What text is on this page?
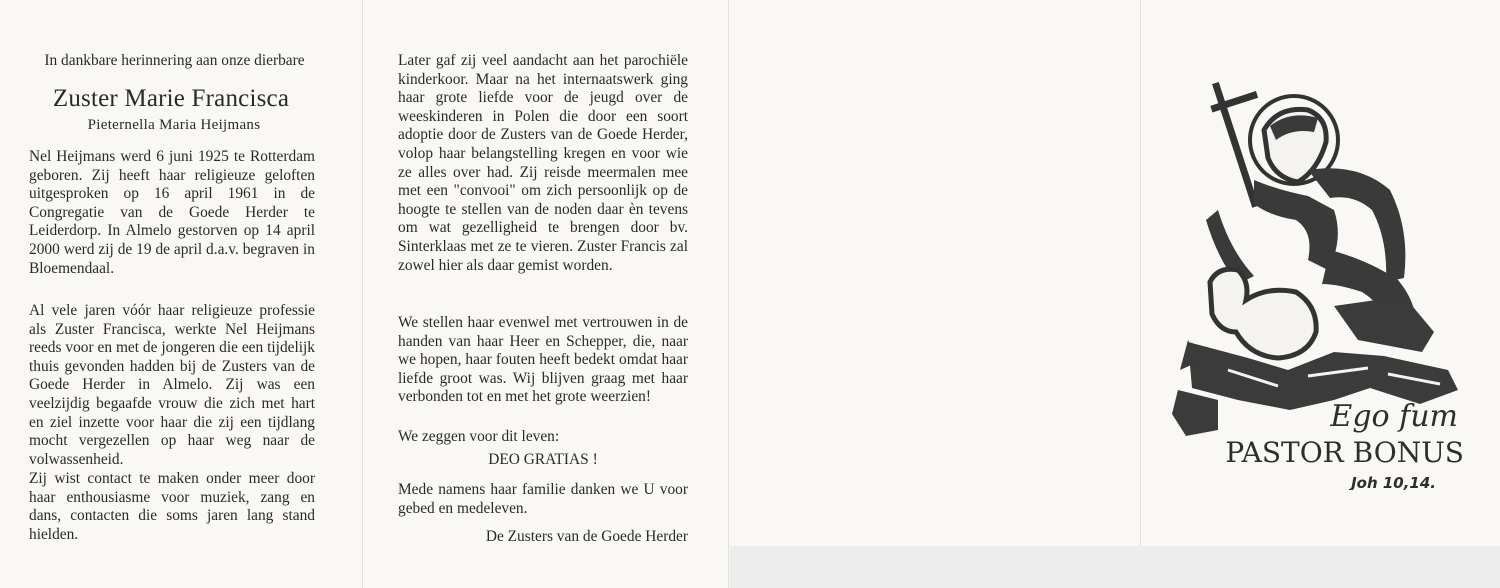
In dankbare herinnering aan onze dierbare
Zuster Marie Francisca
Pieternella Maria Heijmans

Nel Heijmans werd 6 juni 1925 te Rotterdam geboren. Zij heeft haar religieuze geloften uitgesproken op 16 april 1961 in de Congregatie van de Goede Herder te Leiderdorp. In Almelo gestorven op 14 april 2000 werd zij de 19 de april d.a.v. begraven in Bloemendaal.

Al vele jaren vóór haar religieuze professie als Zuster Francisca, werkte Nel Heijmans reeds voor en met de jongeren die een tijdelijk thuis gevonden hadden bij de Zusters van de Goede Herder in Almelo. Zij was een veelzijdig begaafde vrouw die zich met hart en ziel inzette voor haar die zij een tijdlang mocht vergezellen op haar weg naar de volwassenheid.

Zij wist contact te maken onder meer door haar enthousiasme voor muziek, zang en dans, contacten die soms jaren lang stand hielden.

Later gaf zij veel aandacht aan het parochiële kinderkoor. Maar na het internaatswerk ging haar grote liefde voor de jeugd over de weeskinderen in Polen die door een soort adoptie door de Zusters van de Goede Herder, volop haar belangstelling kregen en voor wie ze alles over had. Zij reisde meermalen mee met een "convooi" om zich persoonlijk op de hoogte te stellen van de noden daar èn tevens om wat gezelligheid te brengen door bv. Sinterklaas met ze te vieren. Zuster Francis zal zowel hier als daar gemist worden.

We stellen haar evenwel met vertrouwen in de handen van haar Heer en Schepper, die, naar we hopen, haar fouten heeft bedekt omdat haar liefde groot was. Wij blijven graag met haar verbonden tot en met het grote weerzien!

We zeggen voor dit leven:

DEO GRATIAS !

Mede namens haar familie danken we U voor gebed en medeleven.

De Zusters van de Goede Herder
Ego fum
PASTOR BONUS
Joh 10,14.
